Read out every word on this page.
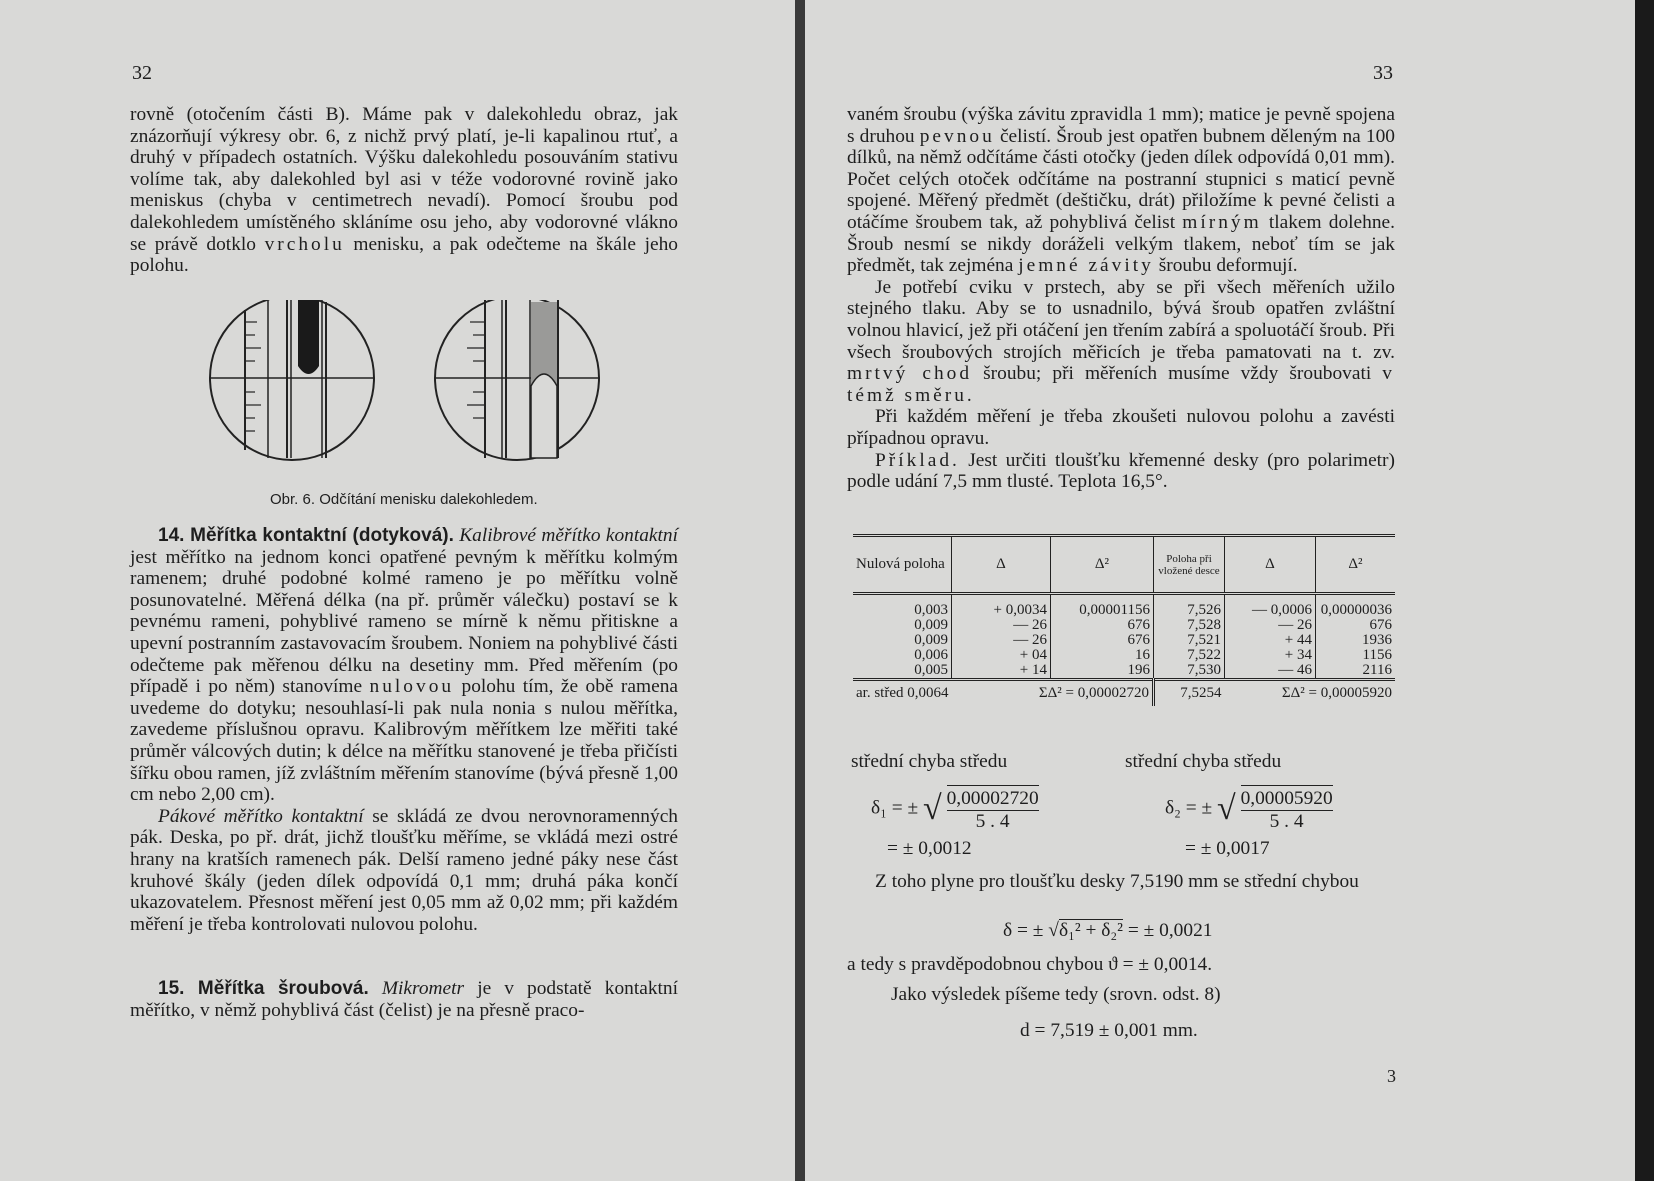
32

rovně (otočením části B). Máme pak v dalekohledu obraz, jak znázorňují výkresy obr. 6, z nichž prvý platí, je-li kapalinou rtuť, a druhý v případech ostatních. Výšku dalekohledu posouváním stativu volíme tak, aby dalekohled byl asi v téže vodorovné rovině jako meniskus (chyba v centimetrech nevadí). Pomocí šroubu pod dalekohledem umístěného skláníme osu jeho, aby vodorovné vlákno se právě dotklo vrcholu menisku, a pak odečteme na škále jeho polohu.

Obr. 6. Odčítání menisku dalekohledem.

14. Měřítka kontaktní (dotyková). Kalibrové měřítko kontaktní jest měřítko na jednom konci opatřené pevným k měřítku kolmým ramenem; druhé podobné kolmé rameno je po měřítku volně posunovatelné. Měřená délka (na př. průměr válečku) postaví se k pevnému rameni, pohyblivé rameno se mírně k němu přitiskne a upevní postranním zastavovacím šroubem. Noniem na pohyblivé části odečteme pak měřenou délku na desetiny mm. Před měřením (po případě i po něm) stanovíme nulovou polohu tím, že obě ramena uvedeme do dotyku; nesouhlasí-li pak nula nonia s nulou měřítka, zavedeme příslušnou opravu. Kalibrovým měřítkem lze měřiti také průměr válcových dutin; k délce na měřítku stanovené je třeba přičísti šířku obou ramen, jíž zvláštním měřením stanovíme (bývá přesně 1,00 cm nebo 2,00 cm).

Pákové měřítko kontaktní se skládá ze dvou nerovnoramenných pák. Deska, po př. drát, jichž tloušťku měříme, se vkládá mezi ostré hrany na kratších ramenech pák. Delší rameno jedné páky nese část kruhové škály (jeden dílek odpovídá 0,1 mm; druhá páka končí ukazovatelem. Přesnost měření jest 0,05 mm až 0,02 mm; při každém měření je třeba kontrolovati nulovou polohu.

15. Měřítka šroubová. Mikrometr je v podstatě kontaktní měřítko, v němž pohyblivá část (čelist) je na přesně praco-

33

vaném šroubu (výška závitu zpravidla 1 mm); matice je pevně spojena s druhou pevnou čelistí. Šroub jest opatřen bubnem děleným na 100 dílků, na němž odčítáme části otočky (jeden dílek odpovídá 0,01 mm). Počet celých otoček odčítáme na postranní stupnici s maticí pevně spojené. Měřený předmět (deštičku, drát) přiložíme k pevné čelisti a otáčíme šroubem tak, až pohyblivá čelist mírným tlakem dolehne. Šroub nesmí se nikdy doráželi velkým tlakem, neboť tím se jak předmět, tak zejména jemné závity šroubu deformují.

Je potřebí cviku v prstech, aby se při všech měřeních užilo stejného tlaku. Aby se to usnadnilo, bývá šroub opatřen zvláštní volnou hlavicí, jež při otáčení jen třením zabírá a spoluotáčí šroub. Při všech šroubových strojích měřicích je třeba pamatovati na t. zv. mrtvý chod šroubu; při měřeních musíme vždy šroubovati v témž směru.

Při každém měření je třeba zkoušeti nulovou polohu a zavésti případnou opravu.

Příklad. Jest určiti tloušťku křemenné desky (pro polarimetr) podle udání 7,5 mm tlusté. Teplota 16,5°.

Nulová poloha	Δ	Δ²	Poloha při vložené desce	Δ	Δ²
0,003	+ 0,0034	0,00001156	7,526	— 0,0006	0,00000036
0,009	— 26	676	7,528	— 26	676
0,009	— 26	676	7,521	+ 44	1936
0,006	+ 04	16	7,522	+ 34	1156
0,005	+ 14	196	7,530	— 46	2116
ar. střed 0,0064	ΣΔ² = 0,00002720		7,5254	ΣΔ² = 0,00005920	
střední chyba středu	střední chyba středu
δ₁ = ± √ $\frac{0,00002720}{5 . 4}$
= ± 0,0012
δ₂ = ± √ $\frac{0,00005920}{5 . 4}$
= ± 0,0017

Z toho plyne pro tloušťku desky 7,5190 mm se střední chybou

δ = ± √δ₁² + δ₂² = ± 0,0021
a tedy s pravděpodobnou chybou ϑ = ± 0,0014.
Jako výsledek píšeme tedy (srovn. odst. 8)
d = 7,519 ± 0,001 mm.
3
